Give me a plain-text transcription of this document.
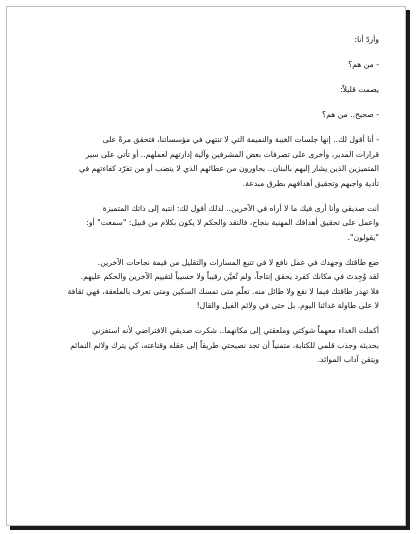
وأردّ أنا:
- من هم؟
يصمت قليلاً:
- صحيح.. من هم؟
- أنا أقول لك.. إنها جلسات الغيبة والنميمة التي لا تنتهي في مؤسساتنا، فتحقق مرةً على
قرارات المدير، وأخرى على تصرفات بعض المشرفين وآلية إدارتهم لعملهم.. أو تأتي على سير
المتميزين الذين يشار إليهم بالبنان.. يحاورون من عطائهم الذي لا ينضب أو من تفرّد كفاءتهم في
تأدية واجبهم وتحقيق أهدافهم بطرق مبدعة.
أنت صديقي وأنا أرى فيك ما لا أراه في الآخرين.. لذلك أقول لك: انتبه إلى ذاتك المتميزة
واعمل على تحقيق أهدافك المهنية بنجاح، فالنقد والحكم لا يكون بكلام من قبيل: "سمعت" أو:
"يقولون".
ضع طاقتك وجهدك في عمل نافع لا في تتبع المسارات والتقليل من قيمة نجاحات الآخرين.
لقد وُجِدتَ في مكانك كفرد يحقق إنتاجاً، ولم تُعيَّن رقيباً ولا حسيباً لتقييم الآخرين والحكم عليهم.
فلا تهدر طاقتك فيما لا نفع ولا طائل منه. تعلّم متى تمسك السكين ومتى تعرف بالملعقة، فهي ثقافة
لا على طاولة غدائنا اليوم. بل حتى في ولائم الفيل والقال!
أكملت الغداء معهماً شوكتي وملعقتي إلى مكانهما.. شكرت صديقي الافتراضي لأنه استفزني
بحديثه وجذب قلمي للكتابة، متمنياً أن تجد نصيحتي طريقاً إلى عقله وقناعته، كي يترك ولائم النمائم
ويتقن آداب الموائد.
